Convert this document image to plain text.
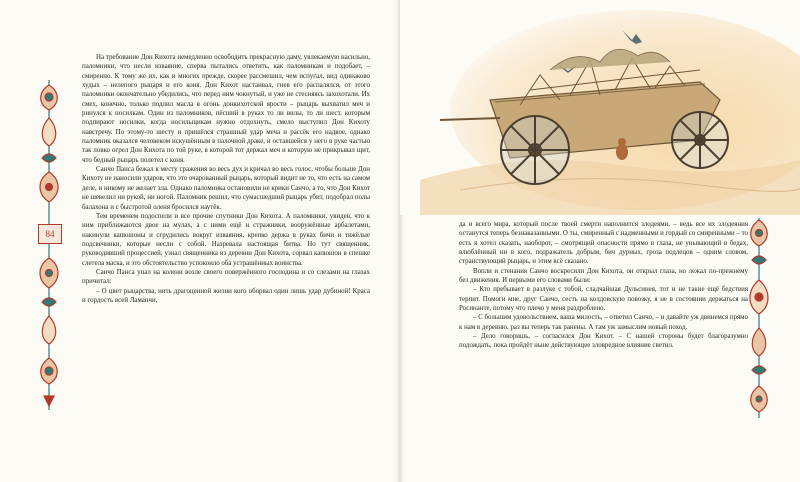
84

На требование Дон Кихота немедленно освободить прекрасную даму, увлекаемую насильно, паломники, что несли изваяние, сперва пытались ответить, как паломникам и подобает, – смиренно. К тому же их, как и многих прежде, скорее рассмешил, чем испугал, вид одинаково худых – нелепого рыцаря и его коня. Дон Кихот настаивал, гнев его распалялся, от этого паломники окончательно убедились, что перед ним чокнутый, и уже не стесняясь захохотали. Их смех, конечно, только подлил масла в огонь донкихотской ярости – рыцарь выхватил меч и ринулся к носилкам. Один из паломников, пёсший в руках то ли вилы, то ли шест, которым подпирают носилки, когда носильщикам нужно отдохнуть, смело выступил Дон Кихоту навстречу. По этому-то шесту и пришёлся страшный удар меча и рассёк его надвое, однако паломник оказался человеком искушённым в палочной драке, и оставшейся у него в руке частью так ловко огрел Дон Кихота по той руке, в которой тот держал меч и которую не прикрывал щит, что бедный рыцарь полетел с коня.

Санчо Панса бежал к месту сражения во весь дух и кричал во весь голос, чтобы больше Дон Кихоту не наносили ударов, что это очарованный рыцарь, который видит не то, что есть на самом деле, и никому не желает зла. Однако паломника остановили не крики Санчо, а то, что Дон Кихот не шевелил ни рукой, ни ногой. Паломник решил, что сумасшедший рыцарь убит, подобрал полы балахона и с быстротой оленя бросился наутёк.

Тем временем подоспели и все прочие спутники Дон Кихота. А паломники, увидев, что к ним приближаются двое на мулах, а с ними ещё и стражники, вооружённые арбалетами, накинули капюшоны и сгрудились вокруг изваяния, крепко держа в руках бичи и тяжёлые подсвечники, которые несли с собой. Назревала настоящая битва. Но тут священник, руководивший процессией, узнал священника из деревни Дон Кихота, сорвал капюшон в спешке слетела маска, и это обстоятельство успокоило оба устрашённых воинства.

Санчо Панса упал на колени возле своего повержённого господина и со слезами на глазах причитал:

– О цвет рыцарства, нить драгоценной жизни кого оборвал один лишь удар дубиной! Краса и гордость всей Ламанчи,

да и всего мира, который после твоей смерти наполнится злодеями, – ведь все их злодеяния останутся теперь безнаказанными. О ты, смиренный с надменными и гордый со смиренными – то есть я хотел сказать, наоборот, – смотрящий опасности прямо в глаза, не унывающий в бедах, влюблённый ни в кого, подражатель добрым, бич дурных, гроза подлецов – одним словом, странствующий рыцарь, и этим всё сказано.

Вопли и стенания Санчо воскресили Дон Кихота, он открыл глаза, но лежал по-прежнему без движения. И первыми его словами были:

– Кто пребывает в разлуке с тобой, сладчайшая Дульсинея, тот и не такие ещё бедствия терпит. Помоги мне, друг Санчо, сесть на колдовскую повозку, я не в состоянии держаться на Росинанте, потому что плечо у меня раздроблено.

– С большим удовольствием, ваша милость, – ответил Санчо, – и давайте уж двинемся прямо к нам в деревню, раз вы теперь так ранены. А там уж замыслим новый поход.

– Дело говоришь, – согласился Дон Кихот. – С нашей стороны будет благоразумно подождать, пока пройдёт ныне действующее зловредное влияние светил.
